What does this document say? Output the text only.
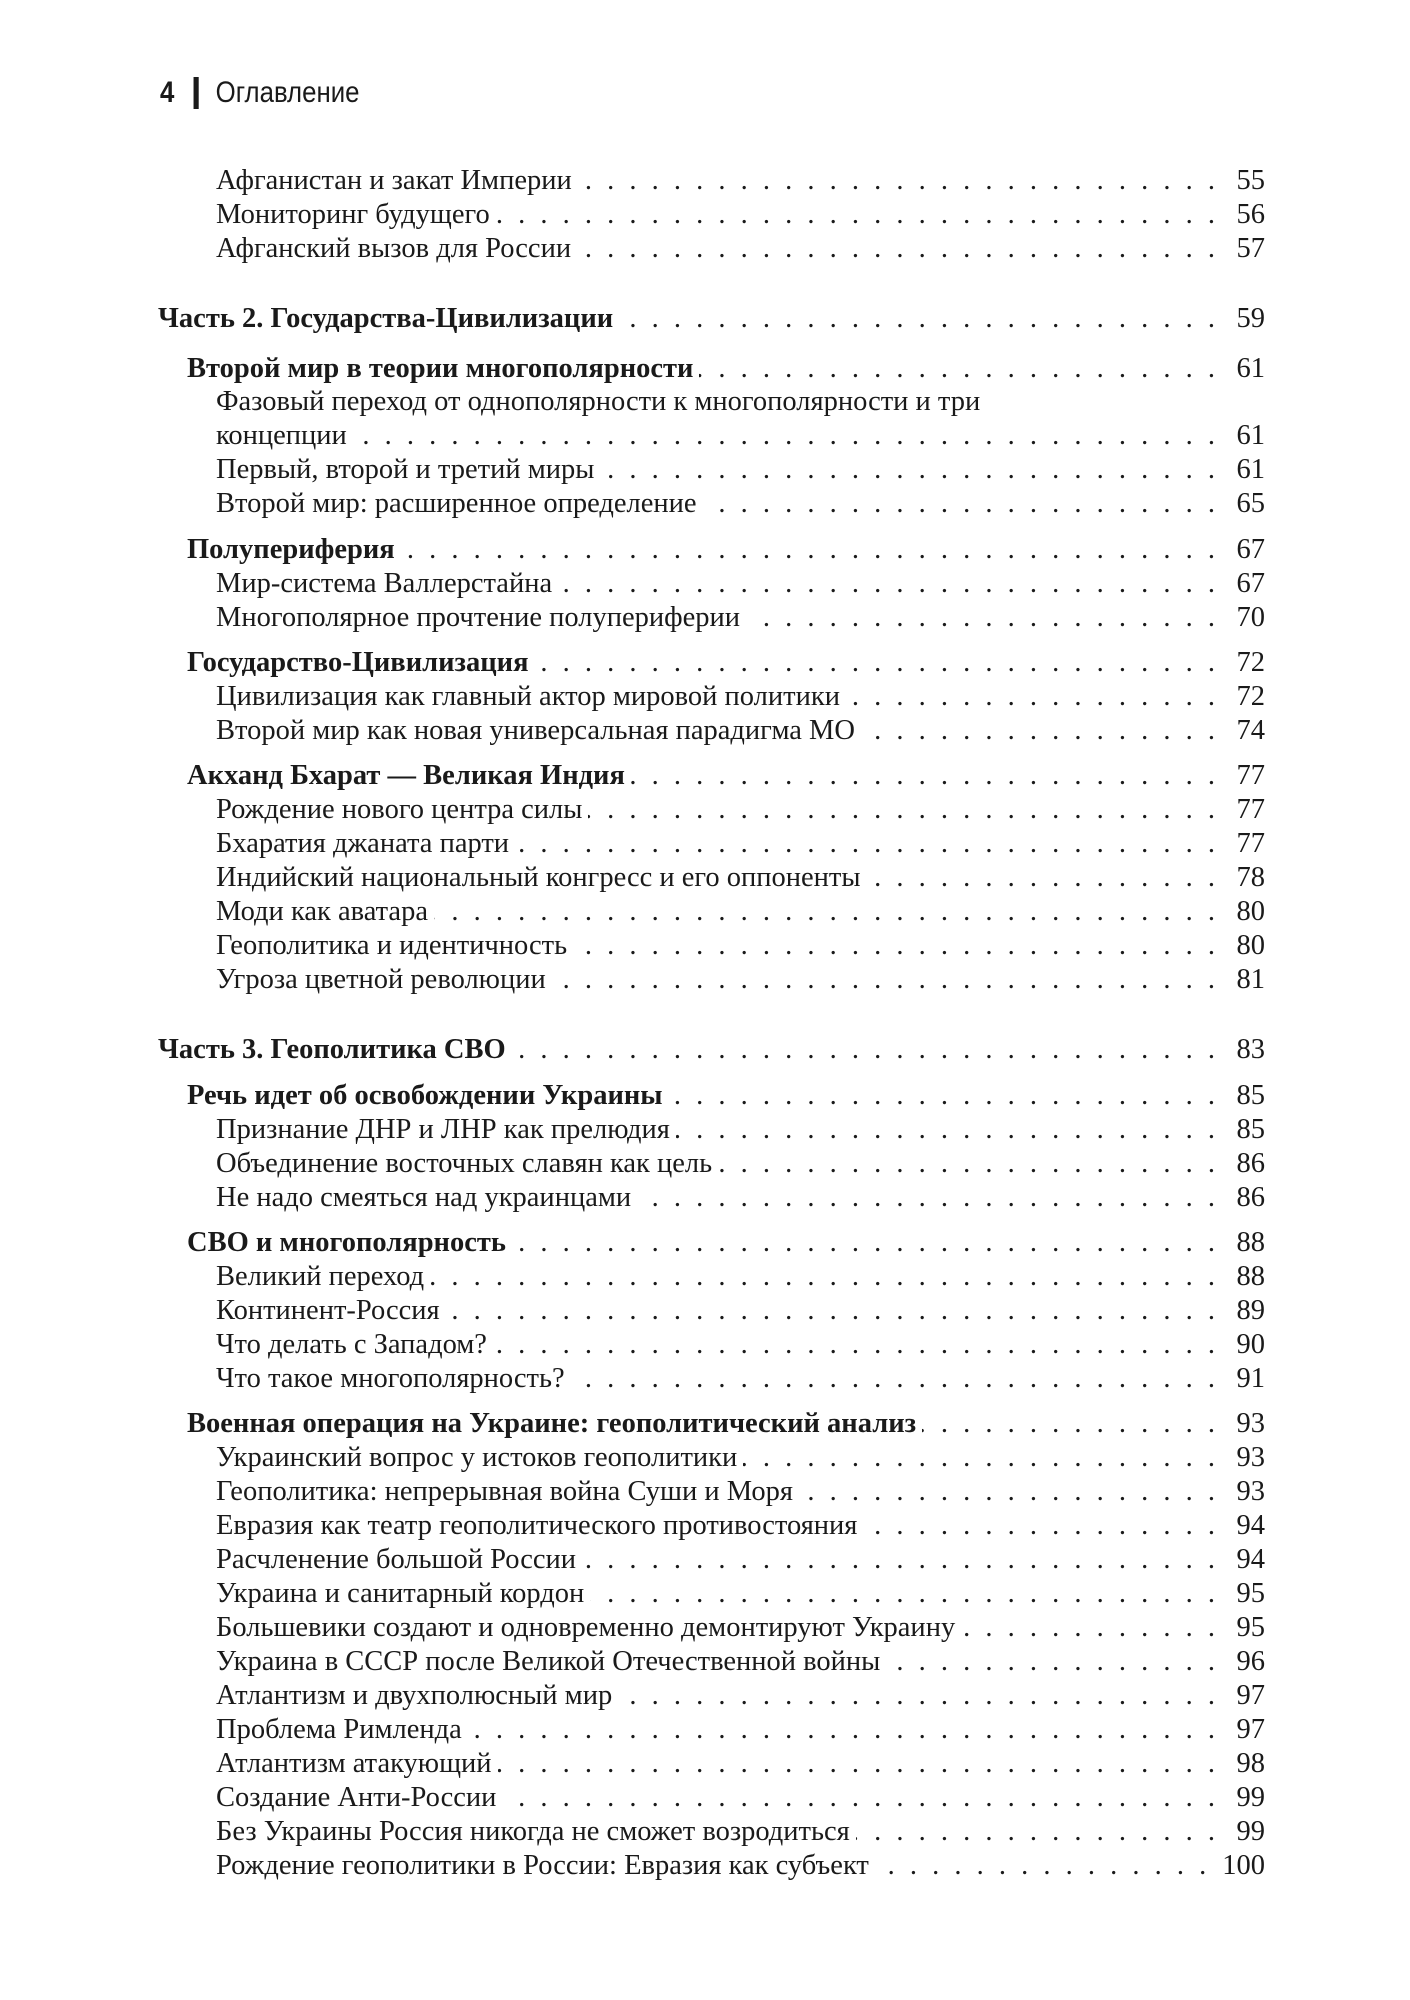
4 Оглавление
Афганистан и закат Империи . . .	55
Мониторинг будущего . . .	56
Афганский вызов для России . . .	57
Часть 2. Государства-Цивилизации . . .	59
Второй мир в теории многополярности . . .	61
Фазовый переход от однополярности к многополярности и три
концепции . . .	61
Первый, второй и третий миры . . .	61
Второй мир: расширенное определение . . .	65
Полупериферия . . .	67
Мир-система Валлерстайна . . .	67
Многополярное прочтение полупериферии . . .	70
Государство-Цивилизация . . .	72
Цивилизация как главный актор мировой политики . . .	72
Второй мир как новая универсальная парадигма МО . . .	74
Акханд Бхарат — Великая Индия . . .	77
Рождение нового центра силы . . .	77
Бхаратия джаната парти . . .	77
Индийский национальный конгресс и его оппоненты . . .	78
Моди как аватара . . .	80
Геополитика и идентичность . . .	80
Угроза цветной революции . . .	81
Часть 3. Геополитика СВО . . .	83
Речь идет об освобождении Украины . . .	85
Признание ДНР и ЛНР как прелюдия . . .	85
Объединение восточных славян как цель . . .	86
Не надо смеяться над украинцами . . .	86
СВО и многополярность . . .	88
Великий переход . . .	88
Континент-Россия . . .	89
Что делать с Западом? . . .	90
Что такое многополярность? . . .	91
Военная операция на Украине: геополитический анализ . . .	93
Украинский вопрос у истоков геополитики . . .	93
Геополитика: непрерывная война Суши и Моря . . .	93
Евразия как театр геополитического противостояния . . .	94
Расчленение большой России . . .	94
Украина и санитарный кордон . . .	95
Большевики создают и одновременно демонтируют Украину . . .	95
Украина в СССР после Великой Отечественной войны . . .	96
Атлантизм и двухполюсный мир . . .	97
Проблема Римленда . . .	97
Атлантизм атакующий . . .	98
Создание Анти-России . . .	99
Без Украины Россия никогда не сможет возродиться . . .	99
Рождение геополитики в России: Евразия как субъект . . .	100
